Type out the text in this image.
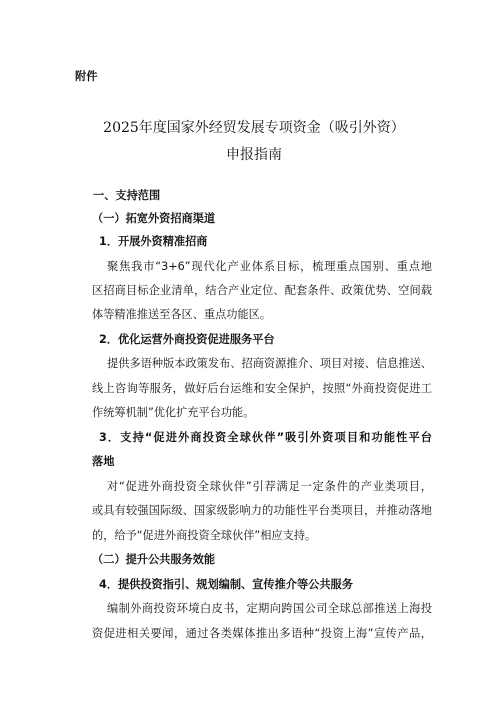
附件
2025年度国家外经贸发展专项资金（吸引外资）
申报指南
一、支持范围
（一）拓宽外资招商渠道
1．开展外资精准招商
聚焦我市“3+6”现代化产业体系目标，梳理重点国别、重点地
区招商目标企业清单，结合产业定位、配套条件、政策优势、空间载
体等精准推送至各区、重点功能区。
2．优化运营外商投资促进服务平台
提供多语种版本政策发布、招商资源推介、项目对接、信息推送、
线上咨询等服务，做好后台运维和安全保护，按照“外商投资促进工
作统筹机制”优化扩充平台功能。
3．支持“促进外商投资全球伙伴”吸引外资项目和功能性平台
落地
对“促进外商投资全球伙伴”引荐满足一定条件的产业类项目，
或具有较强国际级、国家级影响力的功能性平台类项目，并推动落地
的，给予“促进外商投资全球伙伴”相应支持。
（二）提升公共服务效能
4．提供投资指引、规划编制、宣传推介等公共服务
编制外商投资环境白皮书，定期向跨国公司全球总部推送上海投
资促进相关要闻，通过各类媒体推出多语种“投资上海”宣传产品，
